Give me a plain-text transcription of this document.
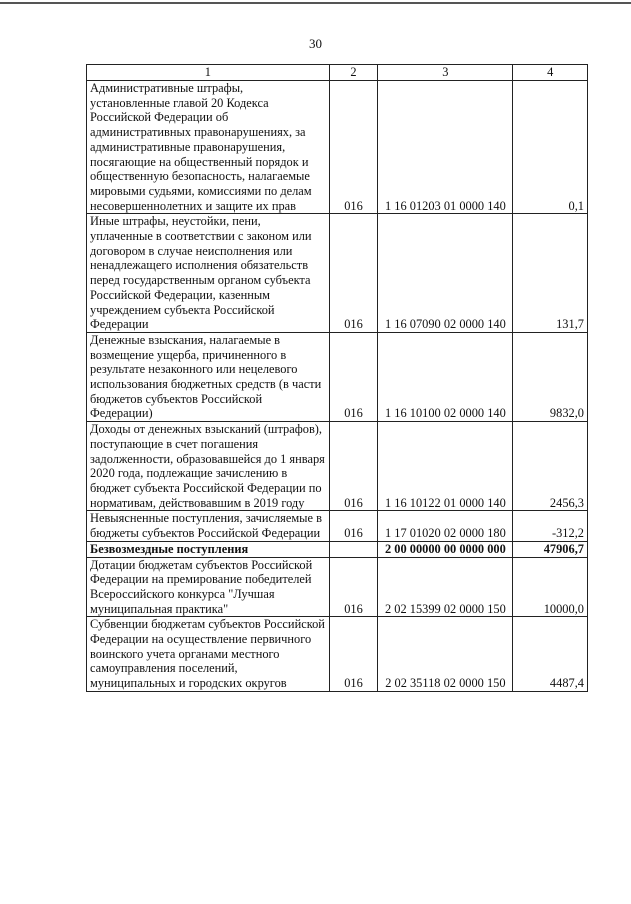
30
1	2	3	4
Административные штрафы, установленные главой 20 Кодекса Российской Федерации об административных правонарушениях, за административные правонарушения, посягающие на общественный порядок и общественную безопасность, налагаемые мировыми судьями, комиссиями по делам несовершеннолетних и защите их прав	016	1 16 01203 01 0000 140	0,1
Иные штрафы, неустойки, пени, уплаченные в соответствии с законом или договором в случае неисполнения или ненадлежащего исполнения обязательств перед государственным органом субъекта Российской Федерации, казенным учреждением субъекта Российской Федерации	016	1 16 07090 02 0000 140	131,7
Денежные взыскания, налагаемые в возмещение ущерба, причиненного в результате незаконного или нецелевого использования бюджетных средств (в части бюджетов субъектов Российской Федерации)	016	1 16 10100 02 0000 140	9832,0
Доходы от денежных взысканий (штрафов), поступающие в счет погашения задолженности, образовавшейся до 1 января 2020 года, подлежащие зачислению в бюджет субъекта Российской Федерации по нормативам, действовавшим в 2019 году	016	1 16 10122 01 0000 140	2456,3
Невыясненные поступления, зачисляемые в бюджеты субъектов Российской Федерации	016	1 17 01020 02 0000 180	-312,2
Безвозмездные поступления		2 00 00000 00 0000 000	47906,7
Дотации бюджетам субъектов Российской Федерации на премирование победителей Всероссийского конкурса "Лучшая муниципальная практика"	016	2 02 15399 02 0000 150	10000,0
Субвенции бюджетам субъектов Российской Федерации на осуществление первичного воинского учета органами местного самоуправления поселений, муниципальных и городских округов	016	2 02 35118 02 0000 150	4487,4
